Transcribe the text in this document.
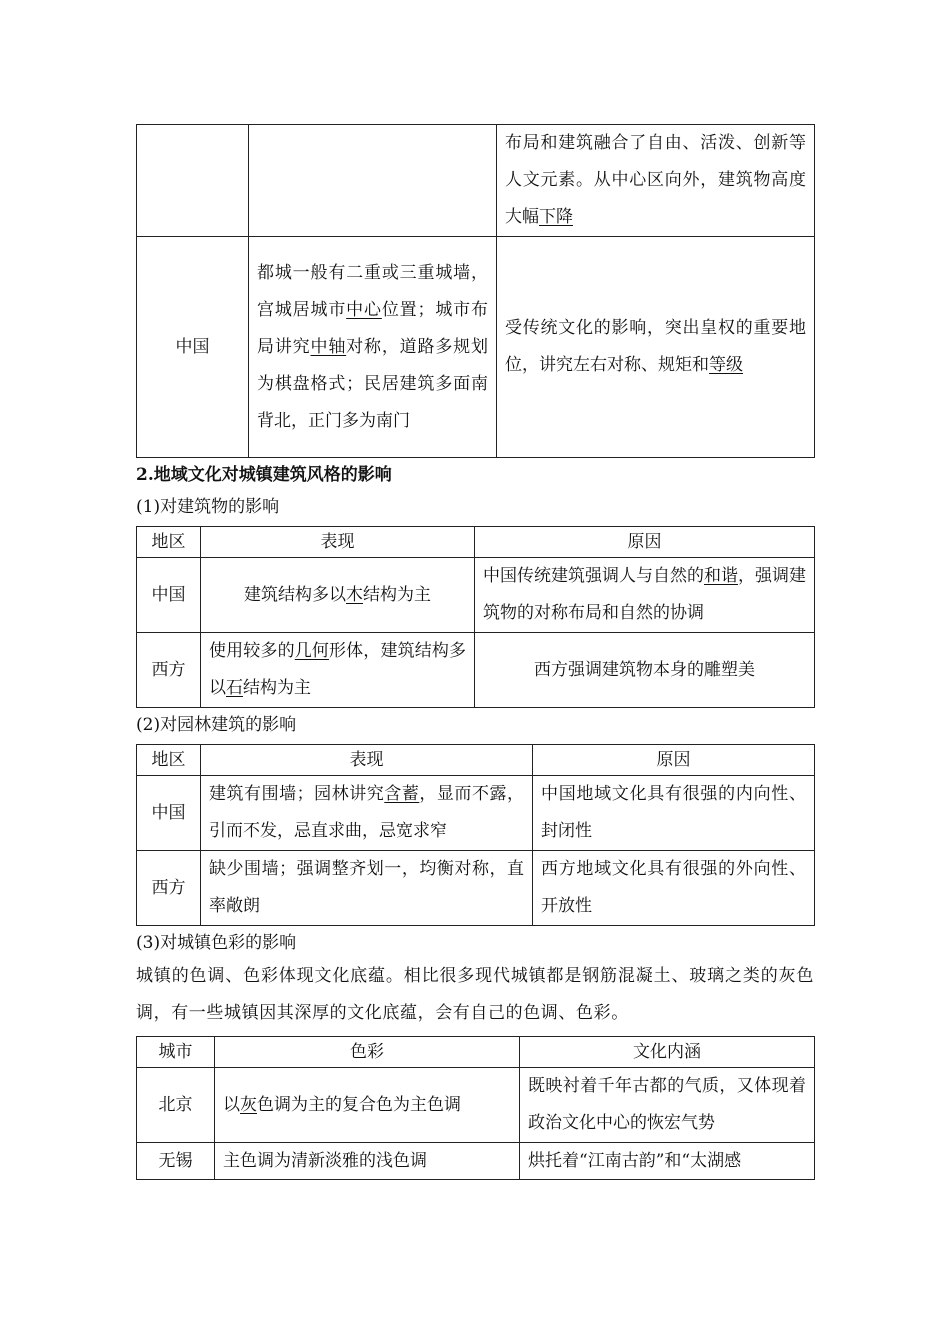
		布局和建筑融合了自由、活泼、创新等人文元素。从中心区向外，建筑物高度大幅下降
中国	都城一般有二重或三重城墙，宫城居城市中心位置；城市布局讲究中轴对称，道路多规划为棋盘格式；民居建筑多面南背北，正门多为南门	受传统文化的影响，突出皇权的重要地位，讲究左右对称、规矩和等级

2.地域文化对城镇建筑风格的影响

(1)对建筑物的影响

地区	表现	原因
中国	建筑结构多以木结构为主	中国传统建筑强调人与自然的和谐，强调建筑物的对称布局和自然的协调
西方	使用较多的几何形体，建筑结构多以石结构为主	西方强调建筑物本身的雕塑美

(2)对园林建筑的影响

地区	表现	原因
中国	建筑有围墙；园林讲究含蓄，显而不露，引而不发，忌直求曲，忌宽求窄	中国地域文化具有很强的内向性、封闭性
西方	缺少围墙；强调整齐划一，均衡对称，直率敞朗	西方地域文化具有很强的外向性、开放性

(3)对城镇色彩的影响

城镇的色调、色彩体现文化底蕴。相比很多现代城镇都是钢筋混凝土、玻璃之类的灰色调，有一些城镇因其深厚的文化底蕴，会有自己的色调、色彩。

城市	色彩	文化内涵
北京	以灰色调为主的复合色为主色调	既映衬着千年古都的气质，又体现着政治文化中心的恢宏气势
无锡	主色调为清新淡雅的浅色调	烘托着“江南古韵”和“太湖感
